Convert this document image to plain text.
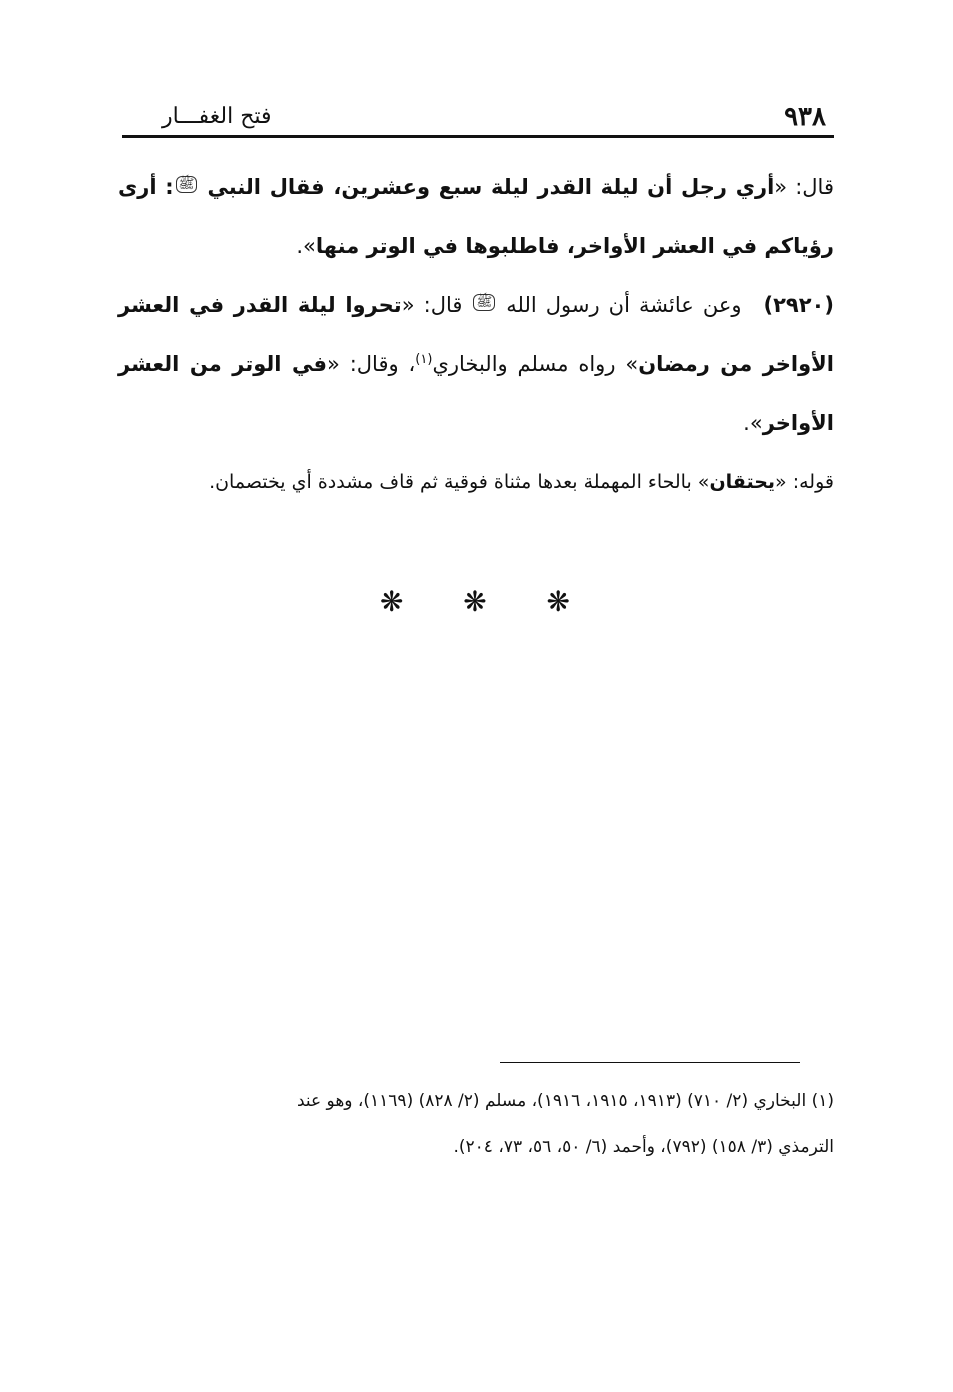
٩٣٨
فتح الغفـــار

قال: «أري رجل أن ليلة القدر ليلة سبع وعشرين، فقال النبي ﷺ: أرى رؤياكم في العشر الأواخر، فاطلبوها في الوتر منها».

(٢٩٢٠)وعن عائشة أن رسول الله ﷺ قال: «تحروا ليلة القدر في العشر الأواخر من رمضان» رواه مسلم والبخاري$^{(١)}$، وقال: «في الوتر من العشر الأواخر».

قوله: «يحتقان» بالحاء المهملة بعدها مثناة فوقية ثم قاف مشددة أي يختصمان.

❋ ❋ ❋

(١) البخاري (٢/ ٧١٠) (١٩١٣، ١٩١٥، ١٩١٦)، مسلم (٢/ ٨٢٨) (١١٦٩)، وهو عند

الترمذي (٣/ ١٥٨) (٧٩٢)، وأحمد (٦/ ٥٠، ٥٦، ٧٣، ٢٠٤).
